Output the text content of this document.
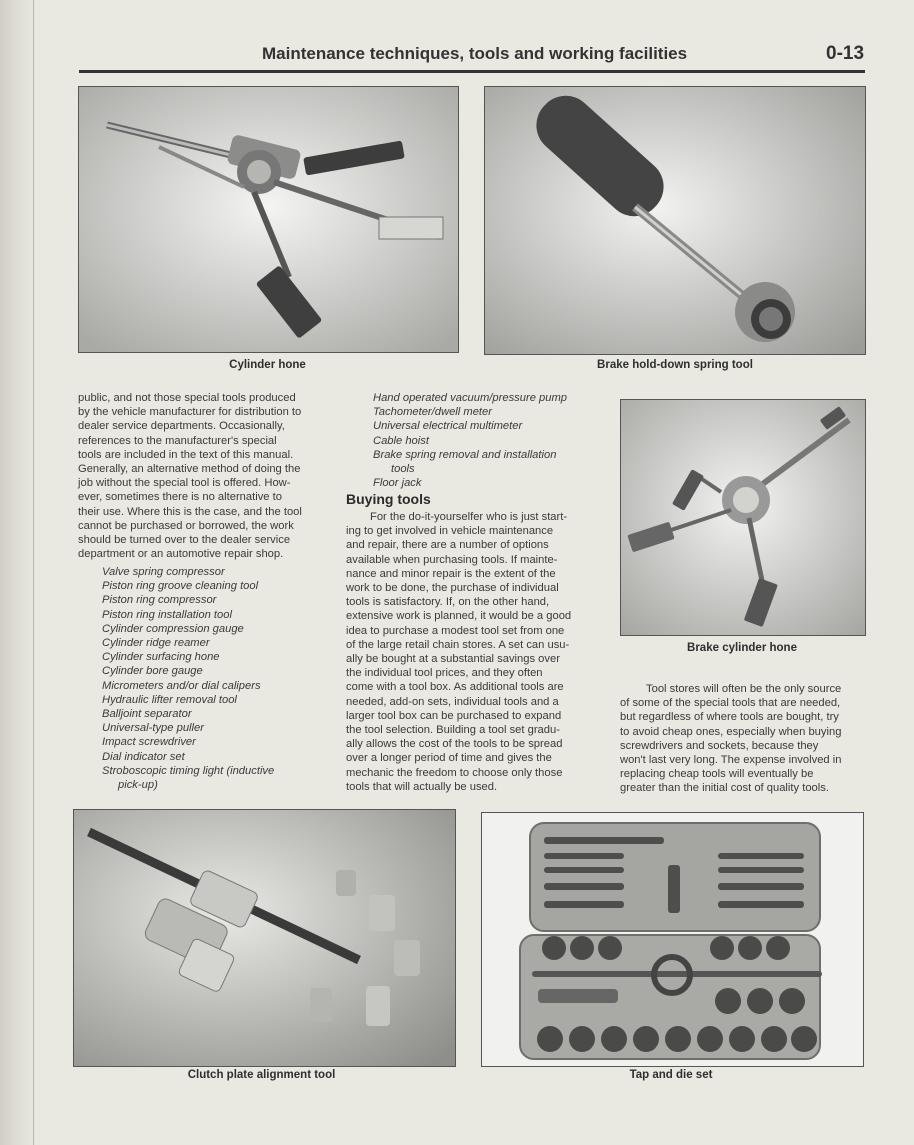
Maintenance techniques, tools and working facilities	0-13
Cylinder hone	Brake hold-down spring tool
public, and not those special tools produced
by the vehicle manufacturer for distribution to
dealer service departments. Occasionally,
references to the manufacturer's special
tools are included in the text of this manual.
Generally, an alternative method of doing the
job without the special tool is offered. How-
ever, sometimes there is no alternative to
their use. Where this is the case, and the tool
cannot be purchased or borrowed, the work
should be turned over to the dealer service
department or an automotive repair shop.
Valve spring compressor
Piston ring groove cleaning tool
Piston ring compressor
Piston ring installation tool
Cylinder compression gauge
Cylinder ridge reamer
Cylinder surfacing hone
Cylinder bore gauge
Micrometers and/or dial calipers
Hydraulic lifter removal tool
Balljoint separator
Universal-type puller
Impact screwdriver
Dial indicator set
Stroboscopic timing light (inductive
pick-up)
Hand operated vacuum/pressure pump
Tachometer/dwell meter
Universal electrical multimeter
Cable hoist
Brake spring removal and installation
tools
Floor jack
Buying tools
For the do-it-yourselfer who is just start-
ing to get involved in vehicle maintenance
and repair, there are a number of options
available when purchasing tools. If mainte-
nance and minor repair is the extent of the
work to be done, the purchase of individual
tools is satisfactory. If, on the other hand,
extensive work is planned, it would be a good
idea to purchase a modest tool set from one
of the large retail chain stores. A set can usu-
ally be bought at a substantial savings over
the individual tool prices, and they often
come with a tool box. As additional tools are
needed, add-on sets, individual tools and a
larger tool box can be purchased to expand
the tool selection. Building a tool set gradu-
ally allows the cost of the tools to be spread
over a longer period of time and gives the
mechanic the freedom to choose only those
tools that will actually be used.
Brake cylinder hone
Tool stores will often be the only source
of some of the special tools that are needed,
but regardless of where tools are bought, try
to avoid cheap ones, especially when buying
screwdrivers and sockets, because they
won't last very long. The expense involved in
replacing cheap tools will eventually be
greater than the initial cost of quality tools.
Clutch plate alignment tool	Tap and die set
